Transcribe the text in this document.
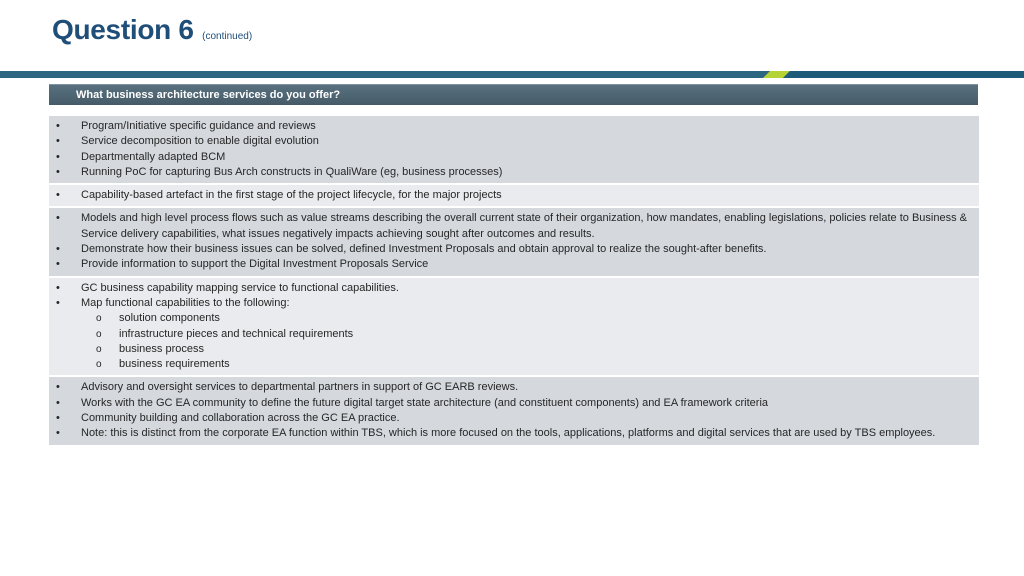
Question 6 (continued)
What business architecture services do you offer?
• Program/Initiative specific guidance and reviews
• Service decomposition to enable digital evolution
• Departmentally adapted BCM
• Running PoC for capturing Bus Arch constructs in QualiWare (eg, business processes)
• Capability-based artefact in the first stage of the project lifecycle, for the major projects
• Models and high level process flows such as value streams describing the overall current state of their organization, how mandates, enabling legislations, policies relate to Business & Service delivery capabilities, what issues negatively impacts achieving sought after outcomes and results.
• Demonstrate how their business issues can be solved, defined Investment Proposals and obtain approval to realize the sought-after benefits.
• Provide information to support the Digital Investment Proposals Service
• GC business capability mapping service to functional capabilities.
• Map functional capabilities to the following:
o solution components
o infrastructure pieces and technical requirements
o business process
o business requirements
• Advisory and oversight services to departmental partners in support of GC EARB reviews.
• Works with the GC EA community to define the future digital target state architecture (and constituent components) and EA framework criteria
• Community building and collaboration across the GC EA practice.
• Note: this is distinct from the corporate EA function within TBS, which is more focused on the tools, applications, platforms and digital services that are used by TBS employees.
